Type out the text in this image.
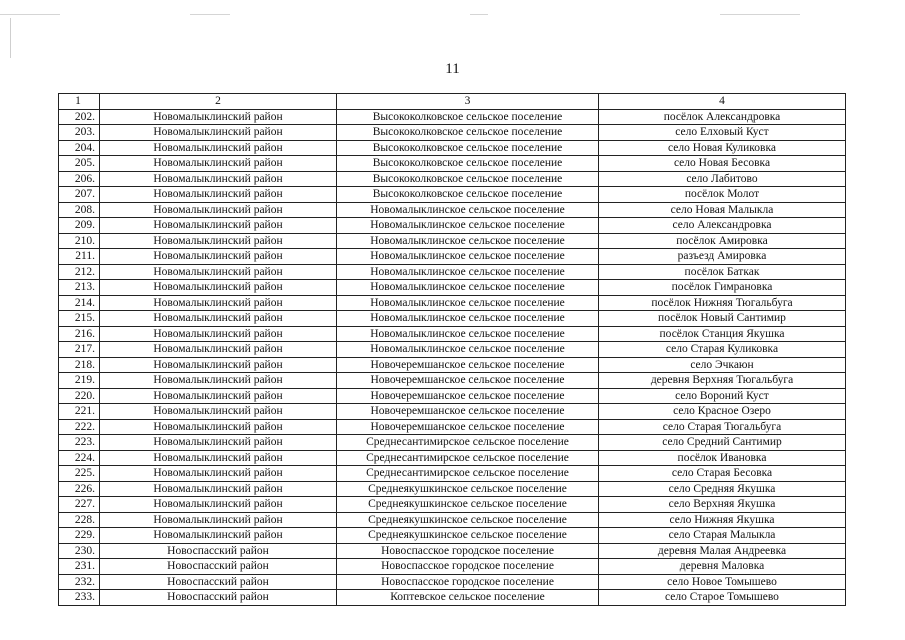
11
1	2	3	4
202.	Новомалыклинский район	Высококолковское сельское поселение	посёлок Александровка
203.	Новомалыклинский район	Высококолковское сельское поселение	село Елховый Куст
204.	Новомалыклинский район	Высококолковское сельское поселение	село Новая Куликовка
205.	Новомалыклинский район	Высококолковское сельское поселение	село Новая Бесовка
206.	Новомалыклинский район	Высококолковское сельское поселение	село Лабитово
207.	Новомалыклинский район	Высококолковское сельское поселение	посёлок Молот
208.	Новомалыклинский район	Новомалыклинское сельское поселение	село Новая Малыкла
209.	Новомалыклинский район	Новомалыклинское сельское поселение	село Александровка
210.	Новомалыклинский район	Новомалыклинское сельское поселение	посёлок Амировка
211.	Новомалыклинский район	Новомалыклинское сельское поселение	разъезд Амировка
212.	Новомалыклинский район	Новомалыклинское сельское поселение	посёлок Баткак
213.	Новомалыклинский район	Новомалыклинское сельское поселение	посёлок Гимрановка
214.	Новомалыклинский район	Новомалыклинское сельское поселение	посёлок Нижняя Тюгальбуга
215.	Новомалыклинский район	Новомалыклинское сельское поселение	посёлок Новый Сантимир
216.	Новомалыклинский район	Новомалыклинское сельское поселение	посёлок Станция Якушка
217.	Новомалыклинский район	Новомалыклинское сельское поселение	село Старая Куликовка
218.	Новомалыклинский район	Новочеремшанское сельское поселение	село Эчкаюн
219.	Новомалыклинский район	Новочеремшанское сельское поселение	деревня Верхняя Тюгальбуга
220.	Новомалыклинский район	Новочеремшанское сельское поселение	село Вороний Куст
221.	Новомалыклинский район	Новочеремшанское сельское поселение	село Красное Озеро
222.	Новомалыклинский район	Новочеремшанское сельское поселение	село Старая Тюгальбуга
223.	Новомалыклинский район	Среднесантимирское сельское поселение	село Средний Сантимир
224.	Новомалыклинский район	Среднесантимирское сельское поселение	посёлок Ивановка
225.	Новомалыклинский район	Среднесантимирское сельское поселение	село Старая Бесовка
226.	Новомалыклинский район	Среднеякушкинское сельское поселение	село Средняя Якушка
227.	Новомалыклинский район	Среднеякушкинское сельское поселение	село Верхняя Якушка
228.	Новомалыклинский район	Среднеякушкинское сельское поселение	село Нижняя Якушка
229.	Новомалыклинский район	Среднеякушкинское сельское поселение	село Старая Малыкла
230.	Новоспасский район	Новоспасское городское поселение	деревня Малая Андреевка
231.	Новоспасский район	Новоспасское городское поселение	деревня Маловка
232.	Новоспасский район	Новоспасское городское поселение	село Новое Томышево
233.	Новоспасский район	Коптевское сельское поселение	село Старое Томышево
